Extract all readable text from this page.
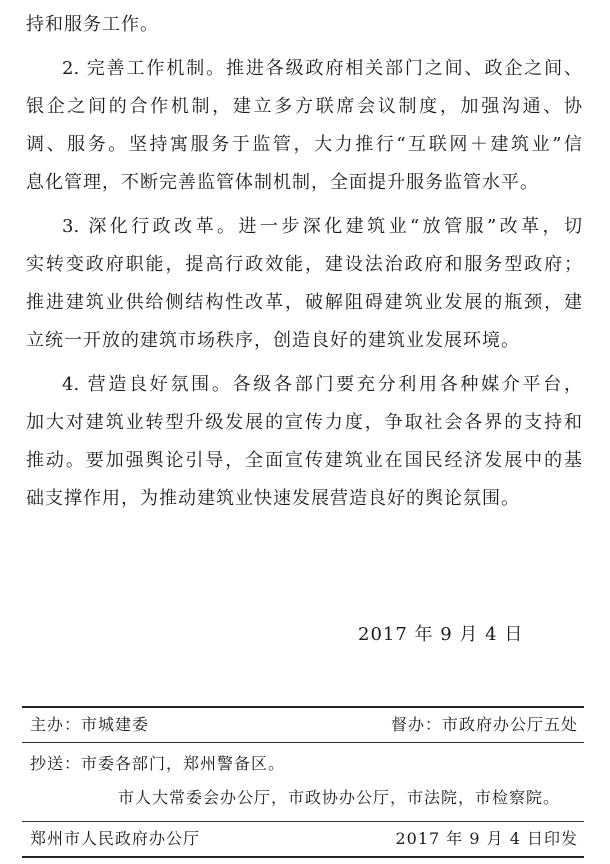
持和服务工作。
2. 完善工作机制。推进各级政府相关部门之间、政企之间、
银企之间的合作机制，建立多方联席会议制度，加强沟通、协
调、服务。坚持寓服务于监管，大力推行“互联网＋建筑业”信
息化管理，不断完善监管体制机制，全面提升服务监管水平。
3. 深化行政改革。进一步深化建筑业“放管服”改革，切
实转变政府职能，提高行政效能，建设法治政府和服务型政府；
推进建筑业供给侧结构性改革，破解阻碍建筑业发展的瓶颈，建
立统一开放的建筑市场秩序，创造良好的建筑业发展环境。
4. 营造良好氛围。各级各部门要充分利用各种媒介平台，
加大对建筑业转型升级发展的宣传力度，争取社会各界的支持和
推动。要加强舆论引导，全面宣传建筑业在国民经济发展中的基
础支撑作用，为推动建筑业快速发展营造良好的舆论氛围。
2017 年 9 月 4 日
主办：市城建委	督办：市政府办公厅五处
抄送：市委各部门，郑州警备区。
市人大常委会办公厅，市政协办公厅，市法院，市检察院。
郑州市人民政府办公厅	2017 年 9 月 4 日印发
